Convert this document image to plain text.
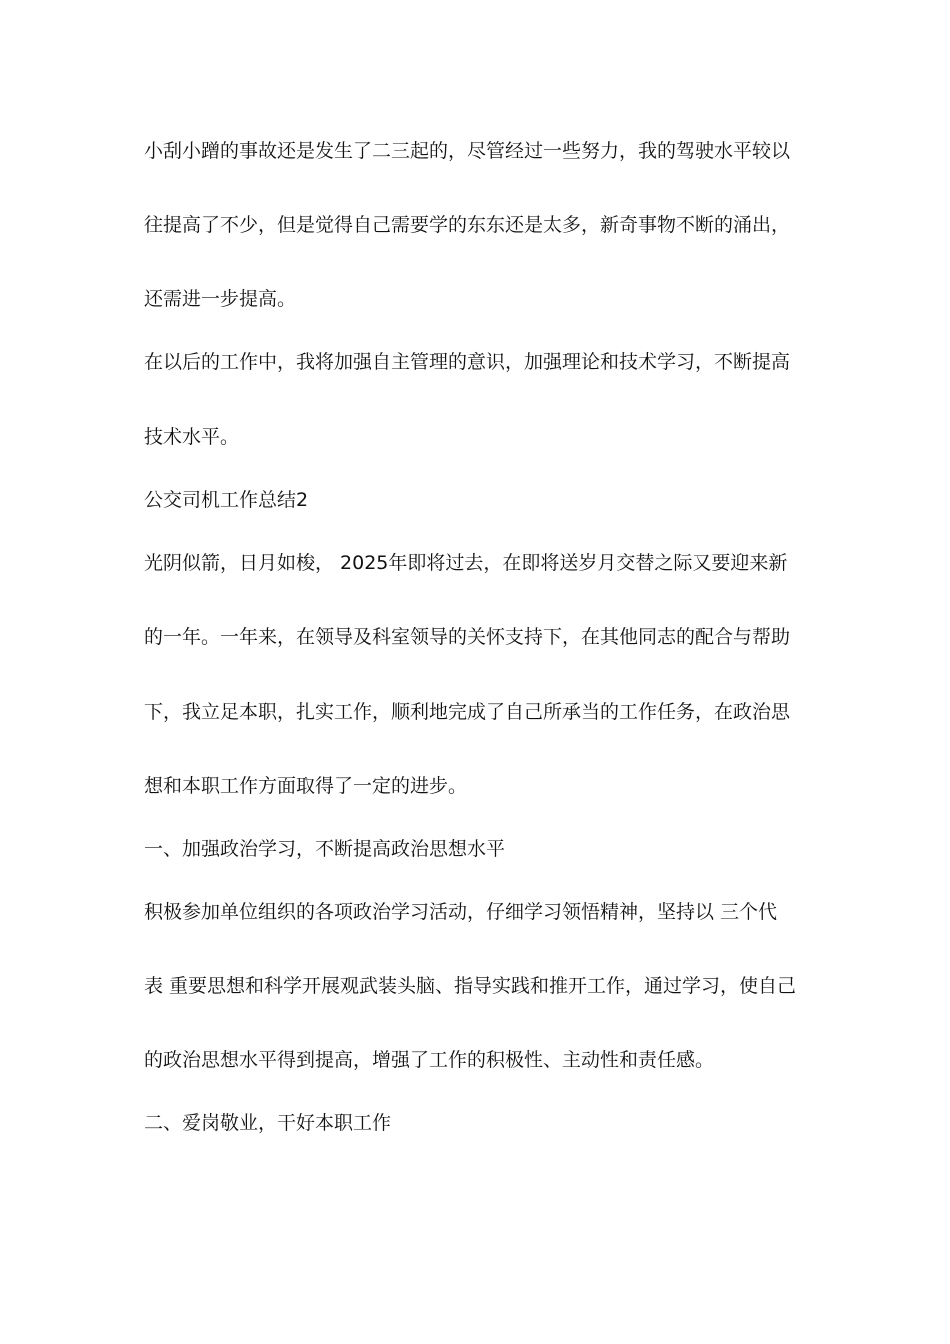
小刮小蹭的事故还是发生了二三起的，尽管经过一些努力，我的驾驶水平较以
往提高了不少，但是觉得自己需要学的东东还是太多，新奇事物不断的涌出，
还需进一步提高。
在以后的工作中，我将加强自主管理的意识，加强理论和技术学习，不断提高
技术水平。
公交司机工作总结2
光阴似箭，日月如梭， 2025年即将过去，在即将送岁月交替之际又要迎来新
的一年。一年来，在领导及科室领导的关怀支持下，在其他同志的配合与帮助
下，我立足本职，扎实工作，顺利地完成了自己所承当的工作任务，在政治思
想和本职工作方面取得了一定的进步。
一、加强政治学习，不断提高政治思想水平
积极参加单位组织的各项政治学习活动，仔细学习领悟精神，坚持以 三个代
表 重要思想和科学开展观武装头脑、指导实践和推开工作，通过学习，使自己
的政治思想水平得到提高，增强了工作的积极性、主动性和责任感。
二、爱岗敬业，干好本职工作
